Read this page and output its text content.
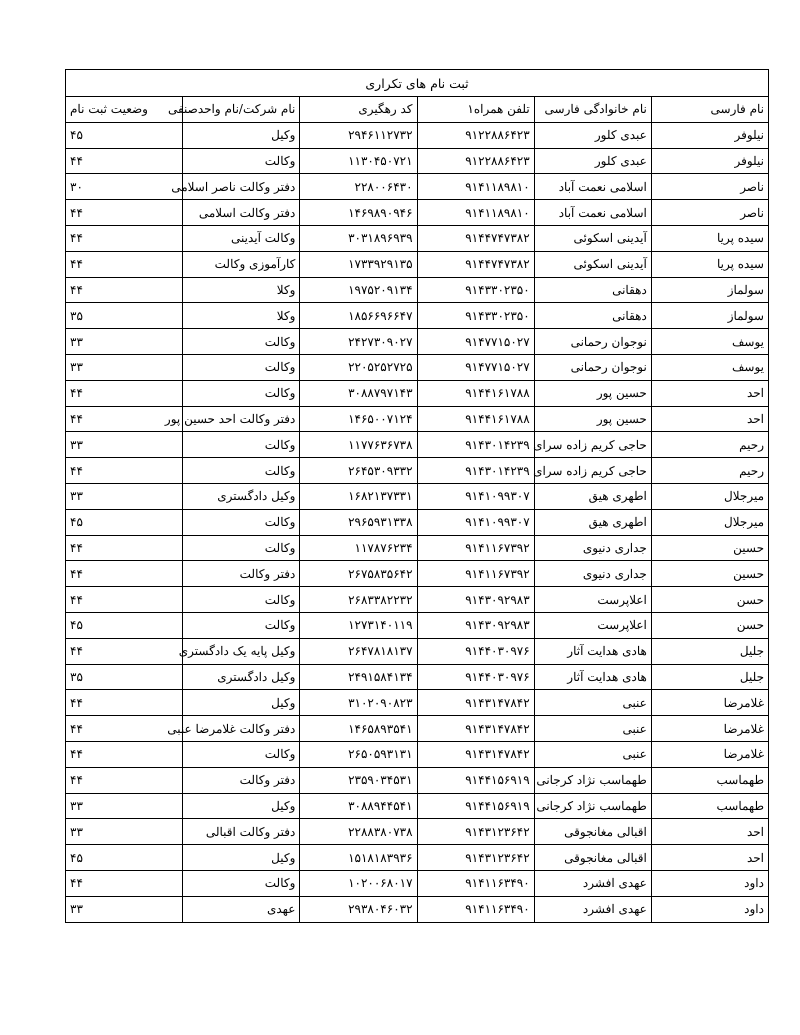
ثبت نام های تکراری					
نام فارسی	نام خانوادگی فارسی	تلفن همراه۱	کد رهگیری	نام شرکت/نام واحدصنفی	وضعیت ثبت نام
نیلوفر	عبدی کلور	۹۱۲۲۸۸۶۴۲۳	۲۹۴۶۱۱۲۷۳۲	وکیل	۴۵
نیلوفر	عبدی کلور	۹۱۲۲۸۸۶۴۲۳	۱۱۳۰۴۵۰۷۲۱	وکالت	۴۴
ناصر	اسلامی نعمت آباد	۹۱۴۱۱۸۹۸۱۰	۲۲۸۰۰۶۴۳۰	دفتر وکالت ناصر اسلامی	۳۰
ناصر	اسلامی نعمت آباد	۹۱۴۱۱۸۹۸۱۰	۱۴۶۹۸۹۰۹۴۶	دفتر وکالت اسلامی	۴۴
سیده پریا	آیدینی اسکوئی	۹۱۴۴۷۴۷۳۸۲	۳۰۳۱۸۹۶۹۳۹	وکالت آیدینی	۴۴
سیده پریا	آیدینی اسکوئی	۹۱۴۴۷۴۷۳۸۲	۱۷۳۳۹۲۹۱۳۵	کارآموزی وکالت	۴۴
سولماز	دهقانی	۹۱۴۳۳۰۲۳۵۰	۱۹۷۵۲۰۹۱۳۴	وکلا	۴۴
سولماز	دهقانی	۹۱۴۳۳۰۲۳۵۰	۱۸۵۶۶۹۶۶۴۷	وکلا	۳۵
یوسف	نوجوان رحمانی	۹۱۴۷۷۱۵۰۲۷	۲۴۲۷۳۰۹۰۲۷	وکالت	۳۳
یوسف	نوجوان رحمانی	۹۱۴۷۷۱۵۰۲۷	۲۲۰۵۲۵۲۷۲۵	وکالت	۳۳
احد	حسین پور	۹۱۴۴۱۶۱۷۸۸	۳۰۸۸۷۹۷۱۴۳	وکالت	۴۴
احد	حسین پور	۹۱۴۴۱۶۱۷۸۸	۱۴۶۵۰۰۷۱۲۴	دفتر وکالت احد حسین پور	۴۴
رحیم	حاجی کریم زاده سرای	۹۱۴۳۰۱۴۲۳۹	۱۱۷۷۶۳۶۷۳۸	وکالت	۳۳
رحیم	حاجی کریم زاده سرای	۹۱۴۳۰۱۴۲۳۹	۲۶۴۵۳۰۹۳۳۲	وکالت	۴۴
میرجلال	اطهری هیق	۹۱۴۱۰۹۹۳۰۷	۱۶۸۲۱۳۷۳۳۱	وکیل دادگستری	۳۳
میرجلال	اطهری هیق	۹۱۴۱۰۹۹۳۰۷	۲۹۶۵۹۳۱۳۳۸	وکالت	۴۵
حسین	جداری دنیوی	۹۱۴۱۱۶۷۳۹۲	۱۱۷۸۷۶۲۳۴	وکالت	۴۴
حسین	جداری دنیوی	۹۱۴۱۱۶۷۳۹۲	۲۶۷۵۸۳۵۶۴۲	دفتر وکالت	۴۴
حسن	اعلاپرست	۹۱۴۳۰۹۲۹۸۳	۲۶۸۳۳۸۲۲۳۲	وکالت	۴۴
حسن	اعلاپرست	۹۱۴۳۰۹۲۹۸۳	۱۲۷۳۱۴۰۱۱۹	وکالت	۴۵
جلیل	هادی هدایت آثار	۹۱۴۴۰۳۰۹۷۶	۲۶۴۷۸۱۸۱۳۷	وکیل پایه یک دادگستری	۴۴
جلیل	هادی هدایت آثار	۹۱۴۴۰۳۰۹۷۶	۲۴۹۱۵۸۴۱۳۴	وکیل دادگستری	۳۵
غلامرضا	عنبی	۹۱۴۳۱۴۷۸۴۲	۳۱۰۲۰۹۰۸۲۳	وکیل	۴۴
غلامرضا	عنبی	۹۱۴۳۱۴۷۸۴۲	۱۴۶۵۸۹۳۵۴۱	دفتر وکالت غلامرضا عنبی	۴۴
غلامرضا	عنبی	۹۱۴۳۱۴۷۸۴۲	۲۶۵۰۵۹۳۱۳۱	وکالت	۴۴
طهماسب	طهماسب نژاد کرجانی	۹۱۴۴۱۵۶۹۱۹	۲۳۵۹۰۳۴۵۳۱	دفتر وکالت	۴۴
طهماسب	طهماسب نژاد کرجانی	۹۱۴۴۱۵۶۹۱۹	۳۰۸۸۹۴۴۵۴۱	وکیل	۳۳
احد	اقبالی مغانجوقی	۹۱۴۳۱۲۳۶۴۲	۲۲۸۸۳۸۰۷۳۸	دفتر وکالت اقبالی	۳۳
احد	اقبالی مغانجوقی	۹۱۴۳۱۲۳۶۴۲	۱۵۱۸۱۸۳۹۳۶	وکیل	۴۵
داود	عهدی افشرد	۹۱۴۱۱۶۳۴۹۰	۱۰۲۰۰۶۸۰۱۷	وکالت	۴۴
داود	عهدی افشرد	۹۱۴۱۱۶۳۴۹۰	۲۹۳۸۰۴۶۰۳۲	عهدی	۳۳
